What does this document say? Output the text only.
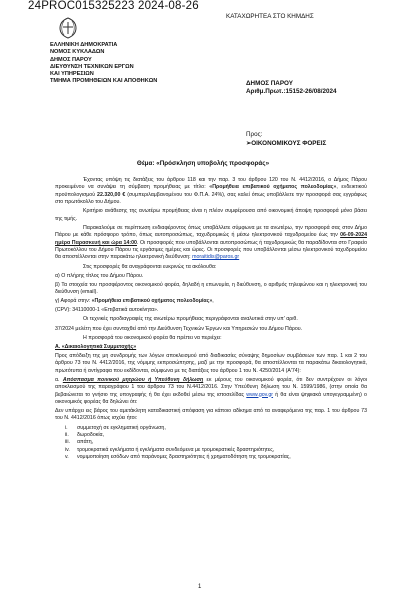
24PROC015325223 2024-08-26
ΚΑΤΑΧΩΡΗΤΕΑ ΣΤΟ ΚΗΜΔΗΣ
ΕΛΛΗΝΙΚΗ ΔΗΜΟΚΡΑΤΙΑ
ΝΟΜΟΣ ΚΥΚΛΑΔΩΝ
ΔΗΜΟΣ ΠΑΡΟΥ
ΔΙΕΥΘΥΝΣΗ ΤΕΧΝΙΚΩΝ ΕΡΓΩΝ
ΚΑΙ ΥΠΗΡΕΣΙΩΝ
ΤΜΗΜΑ ΠΡΟΜΗΘΕΙΩΝ ΚΑΙ ΑΠΟΘΗΚΩΝ	ΔΗΜΟΣ ΠΑΡΟΥ
Αριθμ.Πρωτ.:15152-26/08/2024
Προς:
➢ΟΙΚΟΝΟΜΙΚΟΥΣ ΦΟΡΕΙΣ
Θέμα: «Πρόσκληση υποβολής προσφοράς»

Έχοντας υπόψη τις διατάξεις του άρθρου 118 και την παρ. 3 του άρθρου 120 του Ν. 4412/2016, ο Δήμος Πάρου προκειμένου να συνάψει τη σύμβαση προμήθειας με τίτλο: «Προμήθεια επιβατικού οχήματος πολεοδομίας», ενδεικτικού προϋπολογισμού 22.320,00 € (συμπεριλαμβανομένου του Φ.Π.Α. 24%), σας καλεί όπως υποβάλλετε την προσφορά σας εγγράφως στο πρωτόκολλο του Δήμου.

Κριτήριο ανάθεσης της ανωτέρω προμήθειας είναι η πλέον συμφέρουσα από οικονομική άποψη προσφορά μόνο βάσει της τιμής.

Παρακαλούμε σε περίπτωση ενδιαφέροντος όπως υποβάλλετε σύμφωνα με τα ανωτέρω, την προσφορά σας στον Δήμο Πάρου με κάθε πρόσφορο τρόπο, όπως αυτοπροσώπως, ταχυδρομικώς ή μέσω ηλεκτρονικού ταχυδρομείου έως την 06-09-2024 ημέρα Παρασκευή και ώρα 14:00. Οι προσφορές που υποβάλλονται αυτοπροσώπως ή ταχυδρομικώς θα παραδίδονται στο Γραφείο Πρωτοκόλλου του Δήμου Πάρου τις εργάσιμες ημέρες και ώρες. Οι προσφορές που υποβάλλονται μέσω ηλεκτρονικού ταχυδρομείου θα αποστέλλονται στην παρακάτω ηλεκτρονική διεύθυνση: moraitidis@paros.gr

Στις προσφορές θα αναγράφονται ευκρινώς τα ακόλουθα:

α) Ο πλήρης τίτλος του Δήμου Πάρου.

β) Τα στοιχεία του προσφέροντος οικονομικού φορέα, δηλαδή η επωνυμία, η διεύθυνση, ο αριθμός τηλεφώνου και η ηλεκτρονική του διεύθυνση (email).

γ) Αφορά στην: «Προμήθεια επιβατικού οχήματος πολεοδομίας»,

(CPV): 34110000-1 «Επιβατικά αυτοκίνητα».

Οι τεχνικές προδιαγραφές της ανωτέρω προμήθειας περιγράφονται αναλυτικά στην υπ' αριθ.

37/2024 μελέτη που έχει συνταχθεί από την Διεύθυνση Τεχνικών Έργων και Υπηρεσιών του Δήμου Πάρου.

Η προσφορά του οικονομικού φορέα θα πρέπει να περιέχει:

Α. «Δικαιολογητικά Συμμετοχής»

Προς απόδειξη της μη συνδρομής των λόγων αποκλεισμού από διαδικασίες σύναψης δημοσίων συμβάσεων των παρ. 1 και 2 του άρθρου 73 του Ν. 4412/2016, της νόμιμης εκπροσώπησης, μαζί με την προσφορά, θα αποστέλλονται τα παρακάτω δικαιολογητικά, πρωτότυπα ή αντίγραφα που εκδίδονται, σύμφωνα με τις διατάξεις του άρθρου 1 του Ν. 4250/2014 (Α'74):

α. Απόσπασμα ποινικού μητρώου ή Υπεύθυνη δήλωση εκ μέρους του οικονομικού φορέα, ότι δεν συντρέχουν οι λόγοι αποκλεισμού της παραγράφου 1 του άρθρου 73 του Ν.4412/2016. Στην Υπεύθυνη δήλωση του Ν. 1599/1986, (στην οποία θα βεβαιώνεται το γνήσιο της υπογραφής ή θα έχει εκδοθεί μέσω της ιστοσελίδας www.gov.gr ή θα είναι ψηφιακά υπογεγραμμένη) ο οικονομικός φορέας θα δηλώνει ότι:

Δεν υπάρχει εις βάρος του αμετάκλητη καταδικαστική απόφαση για κάποιο αδίκημα από τα αναφερόμενα της παρ. 1 του άρθρου 73 του Ν. 4412/2016 όπως ισχύει ήτοι:

i. συμμετοχή σε εγκληματική οργάνωση,
ii. δωροδοκία,
iii. απάτη,
iv. τρομοκρατικά εγκλήματα ή εγκλήματα συνδεόμενα με τρομοκρατικές δραστηριότητες,
v. νομιμοποίηση εσόδων από παράνομες δραστηριότητες ή χρηματοδότηση της τρομοκρατίας,
1
